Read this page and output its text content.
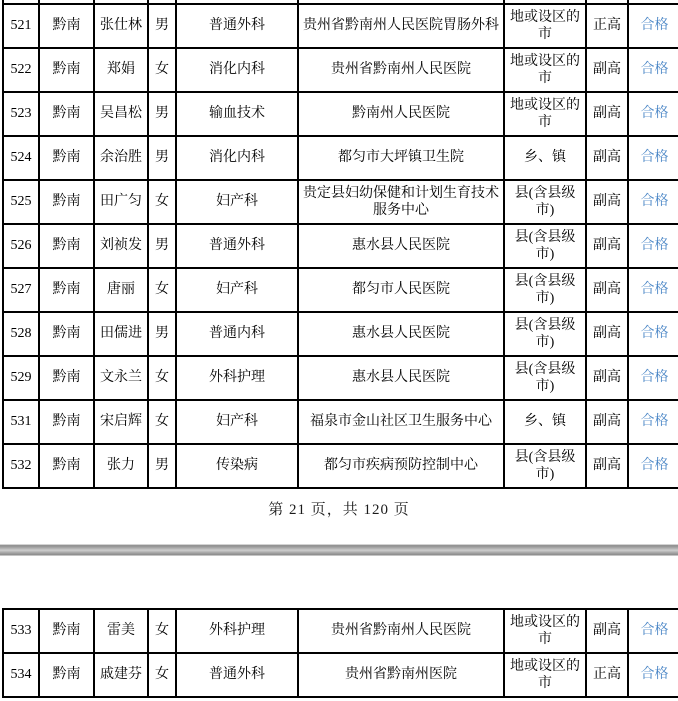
521	黔南	张仕林	男	普通外科	贵州省黔南州人民医院胃肠外科	地或设区的市	正高	合格
522	黔南	郑娟	女	消化内科	贵州省黔南州人民医院	地或设区的市	副高	合格
523	黔南	吴昌松	男	输血技术	黔南州人民医院	地或设区的市	副高	合格
524	黔南	余治胜	男	消化内科	都匀市大坪镇卫生院	乡、镇	副高	合格
525	黔南	田广匀	女	妇产科	贵定县妇幼保健和计划生育技术服务中心	县(含县级市)	副高	合格
526	黔南	刘祯发	男	普通外科	惠水县人民医院	县(含县级市)	副高	合格
527	黔南	唐丽	女	妇产科	都匀市人民医院	县(含县级市)	副高	合格
528	黔南	田儒进	男	普通内科	惠水县人民医院	县(含县级市)	副高	合格
529	黔南	文永兰	女	外科护理	惠水县人民医院	县(含县级市)	副高	合格
531	黔南	宋启辉	女	妇产科	福泉市金山社区卫生服务中心	乡、镇	副高	合格
532	黔南	张力	男	传染病	都匀市疾病预防控制中心	县(含县级市)	副高	合格
第 21 页，共 120 页
533	黔南	雷美	女	外科护理	贵州省黔南州人民医院	地或设区的市	副高	合格
534	黔南	戚建芬	女	普通外科	贵州省黔南州医院	地或设区的市	正高	合格
